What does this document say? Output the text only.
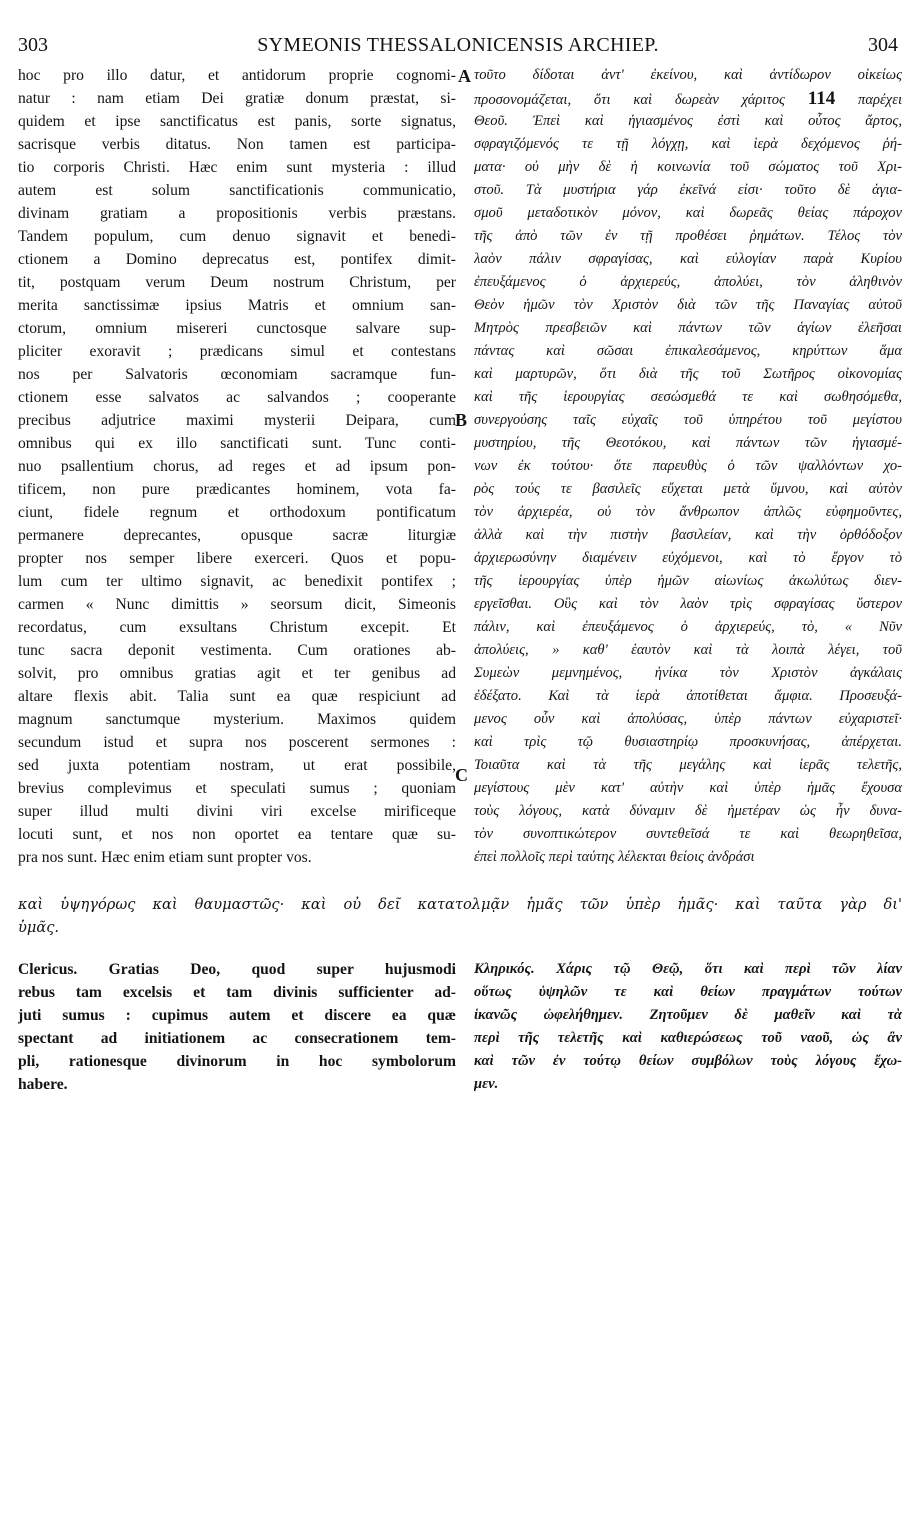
303	SYMEONIS THESSALONICENSIS ARCHIEP.	304
hoc pro illo datur, et antidorum proprie cognomi-
natur : nam etiam Dei gratiæ donum præstat, si-
quidem et ipse sanctificatus est panis, sorte signatus,
sacrisque verbis ditatus. Non tamen est participa-
tio corporis Christi. Hæc enim sunt mysteria : illud
autem est solum sanctificationis communicatio,
divinam gratiam a propositionis verbis præstans.
Tandem populum, cum denuo signavit et benedi-
ctionem a Domino deprecatus est, pontifex dimit-
tit, postquam verum Deum nostrum Christum, per
merita sanctissimæ ipsius Matris et omnium san-
ctorum, omnium misereri cunctosque salvare sup-
pliciter exoravit ; prædicans simul et contestans
nos per Salvatoris œconomiam sacramque fun-
ctionem esse salvatos ac salvandos ; cooperante
precibus adjutrice maximi mysterii Deipara, cum
omnibus qui ex illo sanctificati sunt. Tunc conti-
nuo psallentium chorus, ad reges et ad ipsum pon-
tificem, non pure prædicantes hominem, vota fa-
ciunt, fidele regnum et orthodoxum pontificatum
permanere deprecantes, opusque sacræ liturgiæ
propter nos semper libere exerceri. Quos et popu-
lum cum ter ultimo signavit, ac benedixit pontifex ;
carmen « Nunc dimittis » seorsum dicit, Simeonis
recordatus, cum exsultans Christum excepit. Et
tunc sacra deponit vestimenta. Cum orationes ab-
solvit, pro omnibus gratias agit et ter genibus ad
altare flexis abit. Talia sunt ea quæ respiciunt ad
magnum sanctumque mysterium. Maximos quidem
secundum istud et supra nos poscerent sermones :
sed juxta potentiam nostram, ut erat possibile,
brevius complevimus et speculati sumus ; quoniam
super illud multi divini viri excelse mirificeque
locuti sunt, et nos non oportet ea tentare quæ su-
pra nos sunt. Hæc enim etiam sunt propter vos.
τοῦτο δίδοται ἀντ' ἐκείνου, καὶ ἀντίδωρον οἰκείως
προσονομάζεται, ὅτι καὶ δωρεὰν χάριτος 114 παρέχει
Θεοῦ. Ἐπεὶ καὶ ἡγιασμένος ἐστὶ καὶ οὗτος ἄρτος,
σφραγιζόμενός τε τῇ λόγχῃ, καὶ ἱερὰ δεχόμενος ῥή-
ματα· οὐ μὴν δὲ ἡ κοινωνία τοῦ σώματος τοῦ Χρι-
στοῦ. Τὰ μυστήρια γάρ ἐκεῖνά εἰσι· τοῦτο δὲ ἁγια-
σμοῦ μεταδοτικὸν μόνον, καὶ δωρεᾶς θείας πάροχον
τῆς ἀπὸ τῶν ἐν τῇ προθέσει ῥημάτων. Τέλος τὸν
λαὸν πάλιν σφραγίσας, καὶ εὐλογίαν παρὰ Κυρίου
ἐπευξάμενος ὁ ἀρχιερεύς, ἀπολύει, τὸν ἀληθινὸν
Θεὸν ἡμῶν τὸν Χριστὸν διὰ τῶν τῆς Παναγίας αὐτοῦ
Μητρὸς πρεσβειῶν καὶ πάντων τῶν ἁγίων ἐλεῆσαι
πάντας καὶ σῶσαι ἐπικαλεσάμενος, κηρύττων ἅμα
καὶ μαρτυρῶν, ὅτι διὰ τῆς τοῦ Σωτῆρος οἰκονομίας
καὶ τῆς ἱερουργίας σεσώσμεθά τε καὶ σωθησόμεθα,
συνεργούσης ταῖς εὐχαῖς τοῦ ὑπηρέτου τοῦ μεγίστου
μυστηρίου, τῆς Θεοτόκου, καὶ πάντων τῶν ἡγιασμέ-
νων ἐκ τούτου· ὅτε παρευθὺς ὁ τῶν ψαλλόντων χο-
ρὸς τούς τε βασιλεῖς εὔχεται μετὰ ὕμνου, καὶ αὐτὸν
τὸν ἀρχιερέα, οὐ τὸν ἄνθρωπον ἁπλῶς εὐφημοῦντες,
ἀλλὰ καὶ τὴν πιστὴν βασιλείαν, καὶ τὴν ὀρθόδοξον
ἀρχιερωσύνην διαμένειν εὐχόμενοι, καὶ τὸ ἔργον τὸ
τῆς ἱερουργίας ὑπὲρ ἡμῶν αἰωνίως ἀκωλύτως διεν-
εργεῖσθαι. Οὓς καὶ τὸν λαὸν τρὶς σφραγίσας ὕστερον
πάλιν, καὶ ἐπευξάμενος ὁ ἀρχιερεύς, τὸ, « Νῦν
ἀπολύεις, » καθ' ἑαυτὸν καὶ τὰ λοιπὰ λέγει, τοῦ
Συμεὼν μεμνημένος, ἡνίκα τὸν Χριστὸν ἀγκάλαις
ἐδέξατο. Καὶ τὰ ἱερὰ ἀποτίθεται ἄμφια. Προσευξά-
μενος οὖν καὶ ἀπολύσας, ὑπὲρ πάντων εὐχαριστεῖ·
καὶ τρὶς τῷ θυσιαστηρίῳ προσκυνήσας, ἀπέρχεται.
Τοιαῦτα καὶ τὰ τῆς μεγάλης καὶ ἱερᾶς τελετῆς,
μεγίστους μὲν κατ' αὐτὴν καὶ ὑπὲρ ἡμᾶς ἔχουσα
τοὺς λόγους, κατὰ δύναμιν δὲ ἡμετέραν ὡς ἦν δυνα-
τὸν συνοπτικώτερον συντεθεῖσά τε καὶ θεωρηθεῖσα,
ἐπεὶ πολλοῖς περὶ ταύτης λέλεκται θείοις ἀνδράσι
A
B
C
καὶ ὑψηγόρως καὶ θαυμαστῶς· καὶ οὐ δεῖ κατατολμᾷν ἡμᾶς τῶν ὑπὲρ ἡμᾶς· καὶ ταῦτα γὰρ δι'
ὑμᾶς.
Clericus. Gratias Deo, quod super hujusmodi
rebus tam excelsis et tam divinis sufficienter ad-
juti sumus : cupimus autem et discere ea quæ
spectant ad initiationem ac consecrationem tem-
pli, rationesque divinorum in hoc symbolorum
habere.
Κληρικός. Χάρις τῷ Θεῷ, ὅτι καὶ περὶ τῶν λίαν
οὕτως ὑψηλῶν τε καὶ θείων πραγμάτων τούτων
ἱκανῶς ὠφελήθημεν. Ζητοῦμεν δὲ μαθεῖν καὶ τὰ
περὶ τῆς τελετῆς καὶ καθιερώσεως τοῦ ναοῦ, ὡς ἂν
καὶ τῶν ἐν τούτῳ θείων συμβόλων τοὺς λόγους ἔχω-
μεν.
